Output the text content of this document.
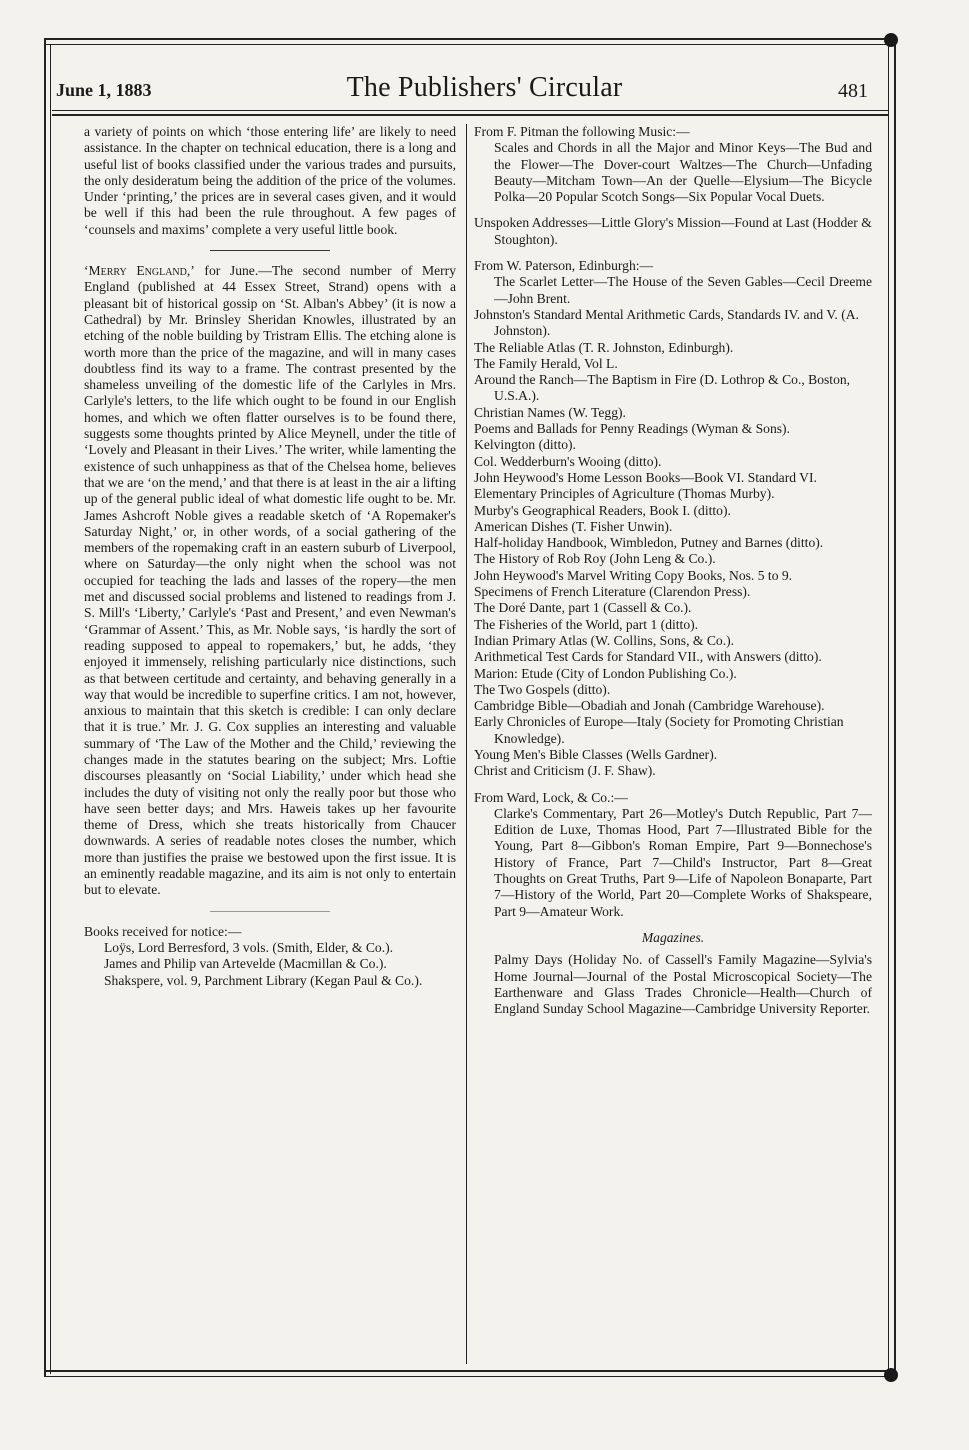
June 1, 1883	The Publishers' Circular	481

a variety of points on which ‘those entering life’ are likely to need assistance. In the chapter on technical education, there is a long and useful list of books classified under the various trades and pursuits, the only desideratum being the addition of the price of the volumes. Under ‘printing,’ the prices are in several cases given, and it would be well if this had been the rule throughout. A few pages of ‘counsels and maxims’ complete a very useful little book.

‘Merry England,’ for June.—The second number of Merry England (published at 44 Essex Street, Strand) opens with a pleasant bit of historical gossip on ‘St. Alban's Abbey’ (it is now a Cathedral) by Mr. Brinsley Sheridan Knowles, illustrated by an etching of the noble building by Tristram Ellis. The etching alone is worth more than the price of the magazine, and will in many cases doubtless find its way to a frame. The contrast presented by the shameless unveiling of the domestic life of the Carlyles in Mrs. Carlyle's letters, to the life which ought to be found in our English homes, and which we often flatter ourselves is to be found there, suggests some thoughts printed by Alice Meynell, under the title of ‘Lovely and Pleasant in their Lives.’ The writer, while lamenting the existence of such unhappiness as that of the Chelsea home, believes that we are ‘on the mend,’ and that there is at least in the air a lifting up of the general public ideal of what domestic life ought to be. Mr. James Ashcroft Noble gives a readable sketch of ‘A Ropemaker's Saturday Night,’ or, in other words, of a social gathering of the members of the ropemaking craft in an eastern suburb of Liverpool, where on Saturday—the only night when the school was not occupied for teaching the lads and lasses of the ropery—the men met and discussed social problems and listened to readings from J. S. Mill's ‘Liberty,’ Carlyle's ‘Past and Present,’ and even Newman's ‘Grammar of Assent.’ This, as Mr. Noble says, ‘is hardly the sort of reading supposed to appeal to ropemakers,’ but, he adds, ‘they enjoyed it immensely, relishing particularly nice distinctions, such as that between certitude and certainty, and behaving generally in a way that would be incredible to superfine critics. I am not, however, anxious to maintain that this sketch is credible: I can only declare that it is true.’ Mr. J. G. Cox supplies an interesting and valuable summary of ‘The Law of the Mother and the Child,’ reviewing the changes made in the statutes bearing on the subject; Mrs. Loftie discourses pleasantly on ‘Social Liability,’ under which head she includes the duty of visiting not only the really poor but those who have seen better days; and Mrs. Haweis takes up her favourite theme of Dress, which she treats historically from Chaucer downwards. A series of readable notes closes the number, which more than justifies the praise we bestowed upon the first issue. It is an eminently readable magazine, and its aim is not only to entertain but to elevate.

Books received for notice:—

Loÿs, Lord Berresford, 3 vols. (Smith, Elder, & Co.).

James and Philip van Artevelde (Macmillan & Co.).

Shakspere, vol. 9, Parchment Library (Kegan Paul & Co.).

From F. Pitman the following Music:—

Scales and Chords in all the Major and Minor Keys—The Bud and the Flower—The Dover-court Waltzes—The Church—Unfading Beauty—Mitcham Town—An der Quelle—Elysium—The Bicycle Polka—20 Popular Scotch Songs—Six Popular Vocal Duets.

Unspoken Addresses—Little Glory's Mission—Found at Last (Hodder & Stoughton).

From W. Paterson, Edinburgh:—

The Scarlet Letter—The House of the Seven Gables—Cecil Dreeme—John Brent.

Johnston's Standard Mental Arithmetic Cards, Standards IV. and V. (A. Johnston).

The Reliable Atlas (T. R. Johnston, Edinburgh).

The Family Herald, Vol L.

Around the Ranch—The Baptism in Fire (D. Lothrop & Co., Boston, U.S.A.).

Christian Names (W. Tegg).

Poems and Ballads for Penny Readings (Wyman & Sons).

Kelvington (ditto).

Col. Wedderburn's Wooing (ditto).

John Heywood's Home Lesson Books—Book VI. Standard VI.

Elementary Principles of Agriculture (Thomas Murby).

Murby's Geographical Readers, Book I. (ditto).

American Dishes (T. Fisher Unwin).

Half-holiday Handbook, Wimbledon, Putney and Barnes (ditto).

The History of Rob Roy (John Leng & Co.).

John Heywood's Marvel Writing Copy Books, Nos. 5 to 9.

Specimens of French Literature (Clarendon Press).

The Doré Dante, part 1 (Cassell & Co.).

The Fisheries of the World, part 1 (ditto).

Indian Primary Atlas (W. Collins, Sons, & Co.).

Arithmetical Test Cards for Standard VII., with Answers (ditto).

Marion: Etude (City of London Publishing Co.).

The Two Gospels (ditto).

Cambridge Bible—Obadiah and Jonah (Cambridge Warehouse).

Early Chronicles of Europe—Italy (Society for Promoting Christian Knowledge).

Young Men's Bible Classes (Wells Gardner).

Christ and Criticism (J. F. Shaw).

From Ward, Lock, & Co.:—

Clarke's Commentary, Part 26—Motley's Dutch Republic, Part 7—Edition de Luxe, Thomas Hood, Part 7—Illustrated Bible for the Young, Part 8—Gibbon's Roman Empire, Part 9—Bonnechose's History of France, Part 7—Child's Instructor, Part 8—Great Thoughts on Great Truths, Part 9—Life of Napoleon Bonaparte, Part 7—History of the World, Part 20—Complete Works of Shakspeare, Part 9—Amateur Work.

Magazines.

Palmy Days (Holiday No. of Cassell's Family Magazine—Sylvia's Home Journal—Journal of the Postal Microscopical Society—The Earthenware and Glass Trades Chronicle—Health—Church of England Sunday School Magazine—Cambridge University Reporter.
